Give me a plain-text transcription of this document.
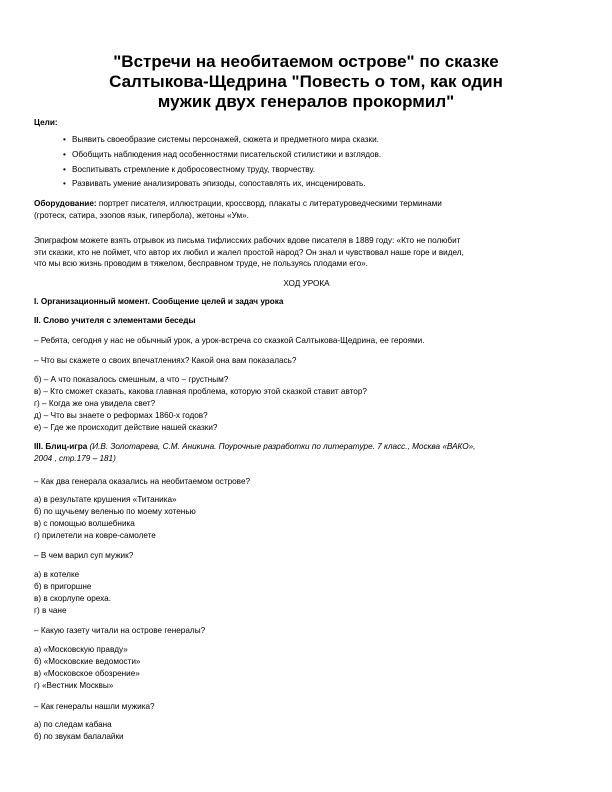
"Встречи на необитаемом острове" по сказке
Салтыкова-Щедрина "Повесть о том, как один
мужик двух генералов прокормил"

Цели:

• Выявить своеобразие системы персонажей, сюжета и предметного мира сказки.
• Обобщить наблюдения над особенностями писательской стилистики и взглядов.
• Воспитывать стремление к добросовестному труду, творчеству.
• Развивать умение анализировать эпизоды, сопоставлять их, инсценировать.

Оборудование: портрет писателя, иллюстрации, кроссворд, плакаты с литературоведческими терминами
(гротеск, сатира, эзопов язык, гипербола), жетоны «Ум».

Эпиграфом можете взять отрывок из письма тифлисских рабочих вдове писателя в 1889 году: «Кто не полюбит
эти сказки, кто не поймет, что автор их любил и жалел простой народ? Он знал и чувствовал наше горе и видел,
что мы всю жизнь проводим в тяжелом, бесправном труде, не пользуясь плодами его».

ХОД УРОКА

I. Организационный момент. Сообщение целей и задач урока

II. Слово учителя с элементами беседы

– Ребята, сегодня у нас не обычный урок, а урок-встреча со сказкой Салтыкова-Щедрина, ее героями.

– Что вы скажете о своих впечатлениях? Какой она вам показалась?

б) – А что показалось смешным, а что – грустным?
в) – Кто сможет сказать, какова главная проблема, которую этой сказкой ставит автор?
г) – Когда же она увидела свет?
д) – Что вы знаете о реформах 1860-х годов?
е) – Где же происходит действие нашей сказки?

III. Блиц-игра (И.В. Золотарева, С.М. Аникина. Поурочные разработки по литературе. 7 класс., Москва «ВАКО»,
2004 , стр.179 – 181)

– Как два генерала оказались на необитаемом острове?

а) в результате крушения «Титаника»
б) по щучьему веленью по моему хотенью
в) с помощью волшебника
г) прилетели на ковре-самолете

– В чем варил суп мужик?

а) в котелке
б) в пригоршне
в) в скорлупе ореха.
г) в чане

– Какую газету читали на острове генералы?

а) «Московскую правду»
б) «Московские ведомости»
в) «Московское обозрение»
г) «Вестник Москвы»

– Как генералы нашли мужика?

а) по следам кабана
б) по звукам балалайки
